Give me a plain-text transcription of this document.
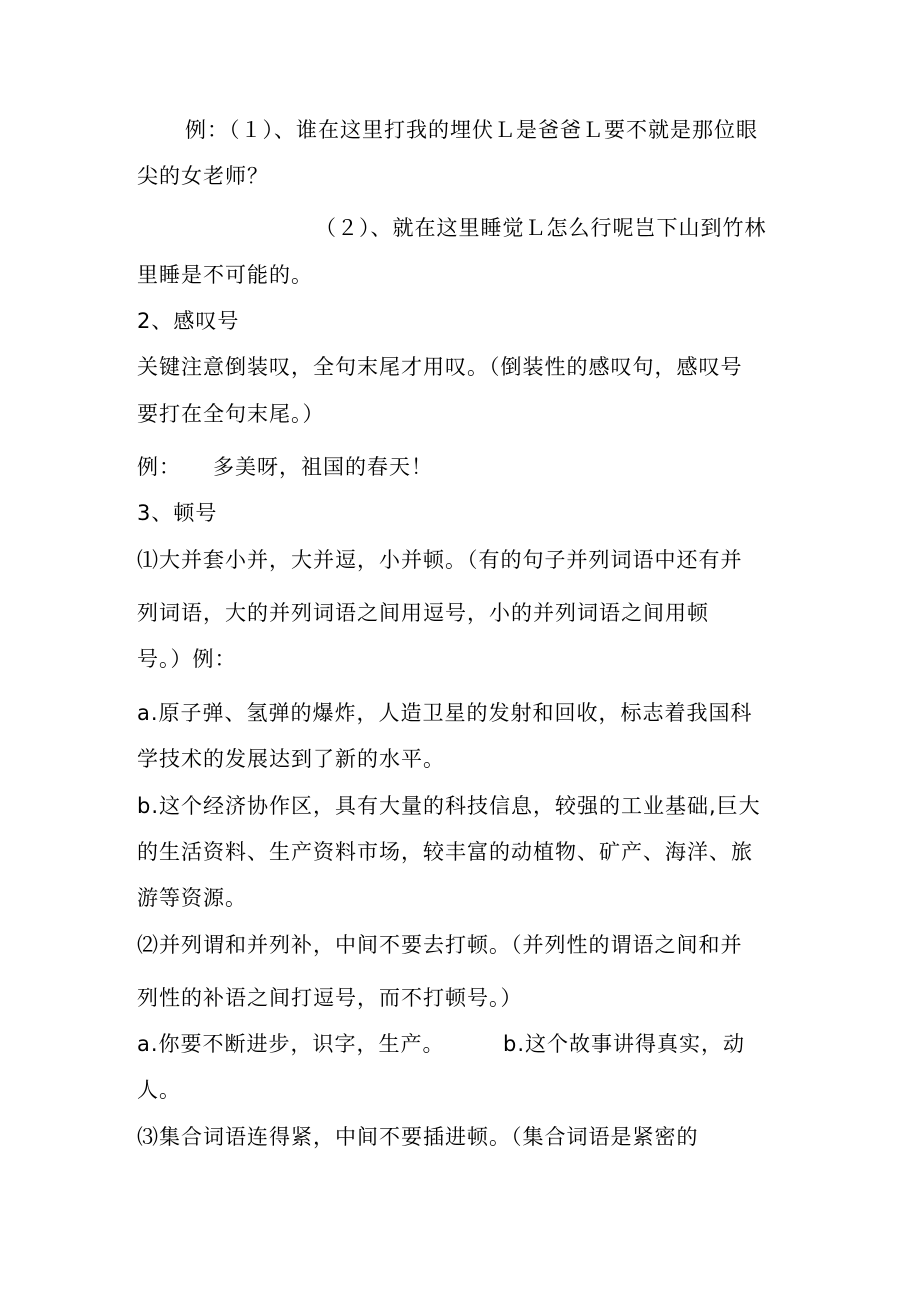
例：（１）、谁在这里打我的埋伏Ｌ是爸爸Ｌ要不就是那位眼
尖的女老师？
（２）、就在这里睡觉Ｌ怎么行呢岂下山到竹林
里睡是不可能的。
2、感叹号
关键注意倒装叹，全句末尾才用叹。（倒装性的感叹句，感叹号
要打在全句末尾。）
例： 多美呀，祖国的春天！
3、顿号
⑴大并套小并，大并逗，小并顿。（有的句子并列词语中还有并
列词语，大的并列词语之间用逗号，小的并列词语之间用顿
号。）例：
a.原子弹、氢弹的爆炸，人造卫星的发射和回收，标志着我国科
学技术的发展达到了新的水平。
b.这个经济协作区，具有大量的科技信息，较强的工业基础,巨大
的生活资料、生产资料市场，较丰富的动植物、矿产、海洋、旅
游等资源。
⑵并列谓和并列补，中间不要去打顿。（并列性的谓语之间和并
列性的补语之间打逗号，而不打顿号。）
a.你要不断进步，识字，生产。	b.这个故事讲得真实，动
人。
⑶集合词语连得紧，中间不要插进顿。（集合词语是紧密的
